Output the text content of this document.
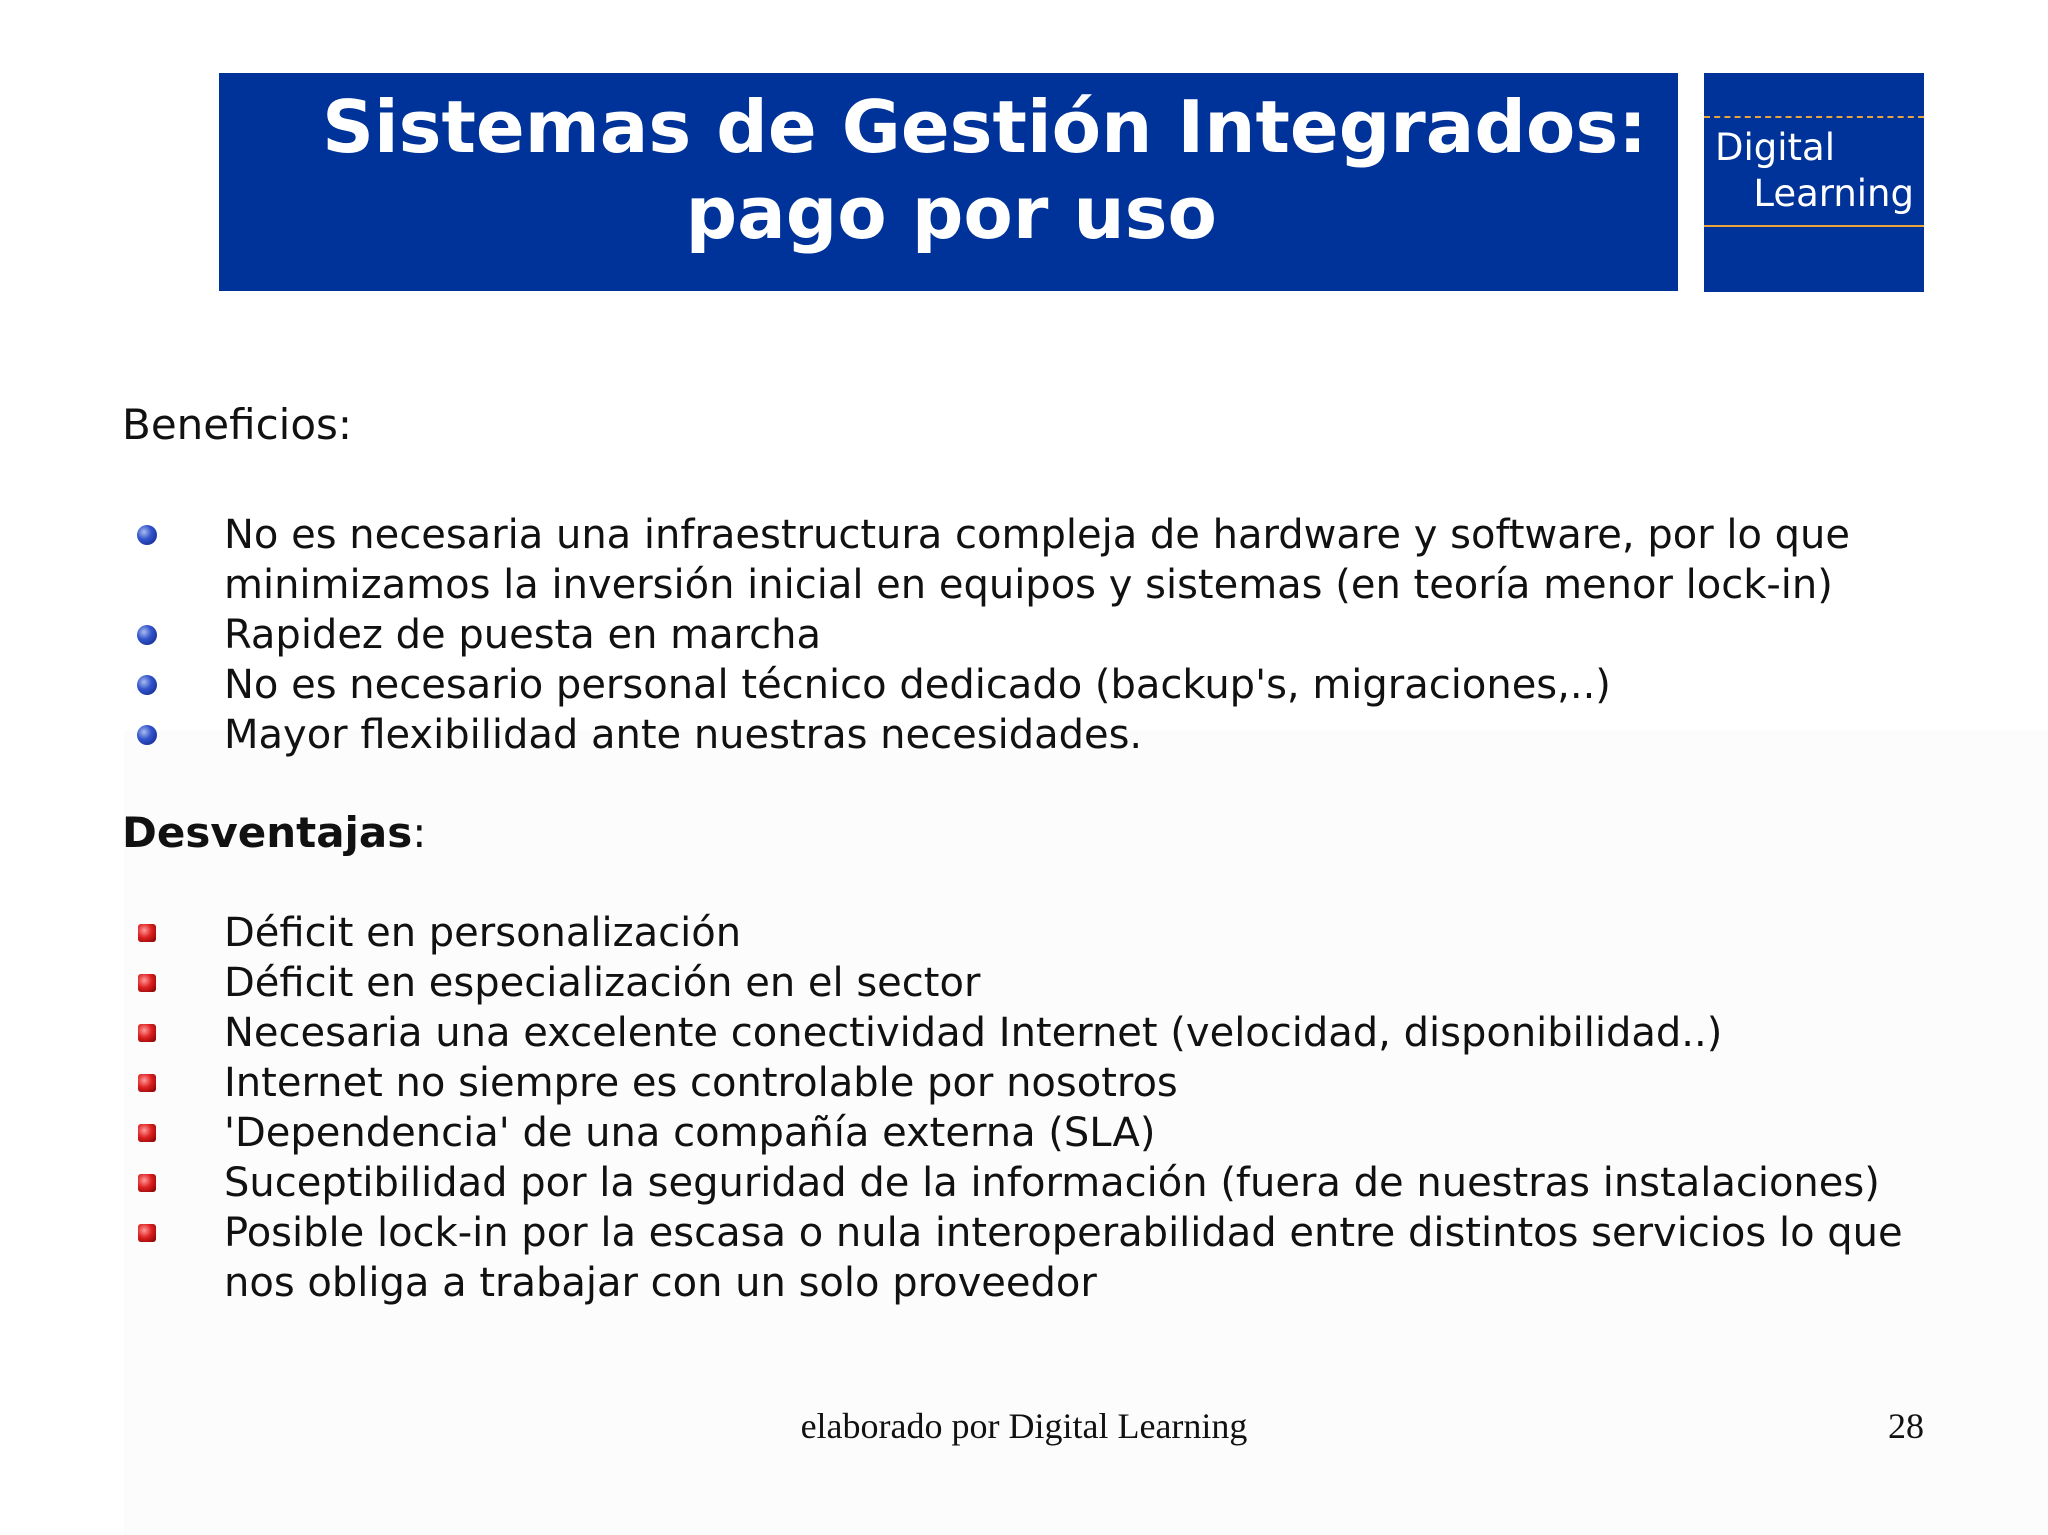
Sistemas de Gestión Integrados:
pago por uso
Digital
Learning
Beneficios:
No es necesaria una infraestructura compleja de hardware y software, por lo que
minimizamos la inversión inicial en equipos y sistemas (en teoría menor lock-in)
Rapidez de puesta en marcha
No es necesario personal técnico dedicado (backup's, migraciones,..)
Mayor flexibilidad ante nuestras necesidades.
Desventajas:
Déficit en personalización
Déficit en especialización en el sector
Necesaria una excelente conectividad Internet (velocidad, disponibilidad..)
Internet no siempre es controlable por nosotros
'Dependencia' de una compañía externa (SLA)
Suceptibilidad por la seguridad de la información (fuera de nuestras instalaciones)
Posible lock-in por la escasa o nula interoperabilidad entre distintos servicios lo que
nos obliga a trabajar con un solo proveedor
elaborado por Digital Learning	28
